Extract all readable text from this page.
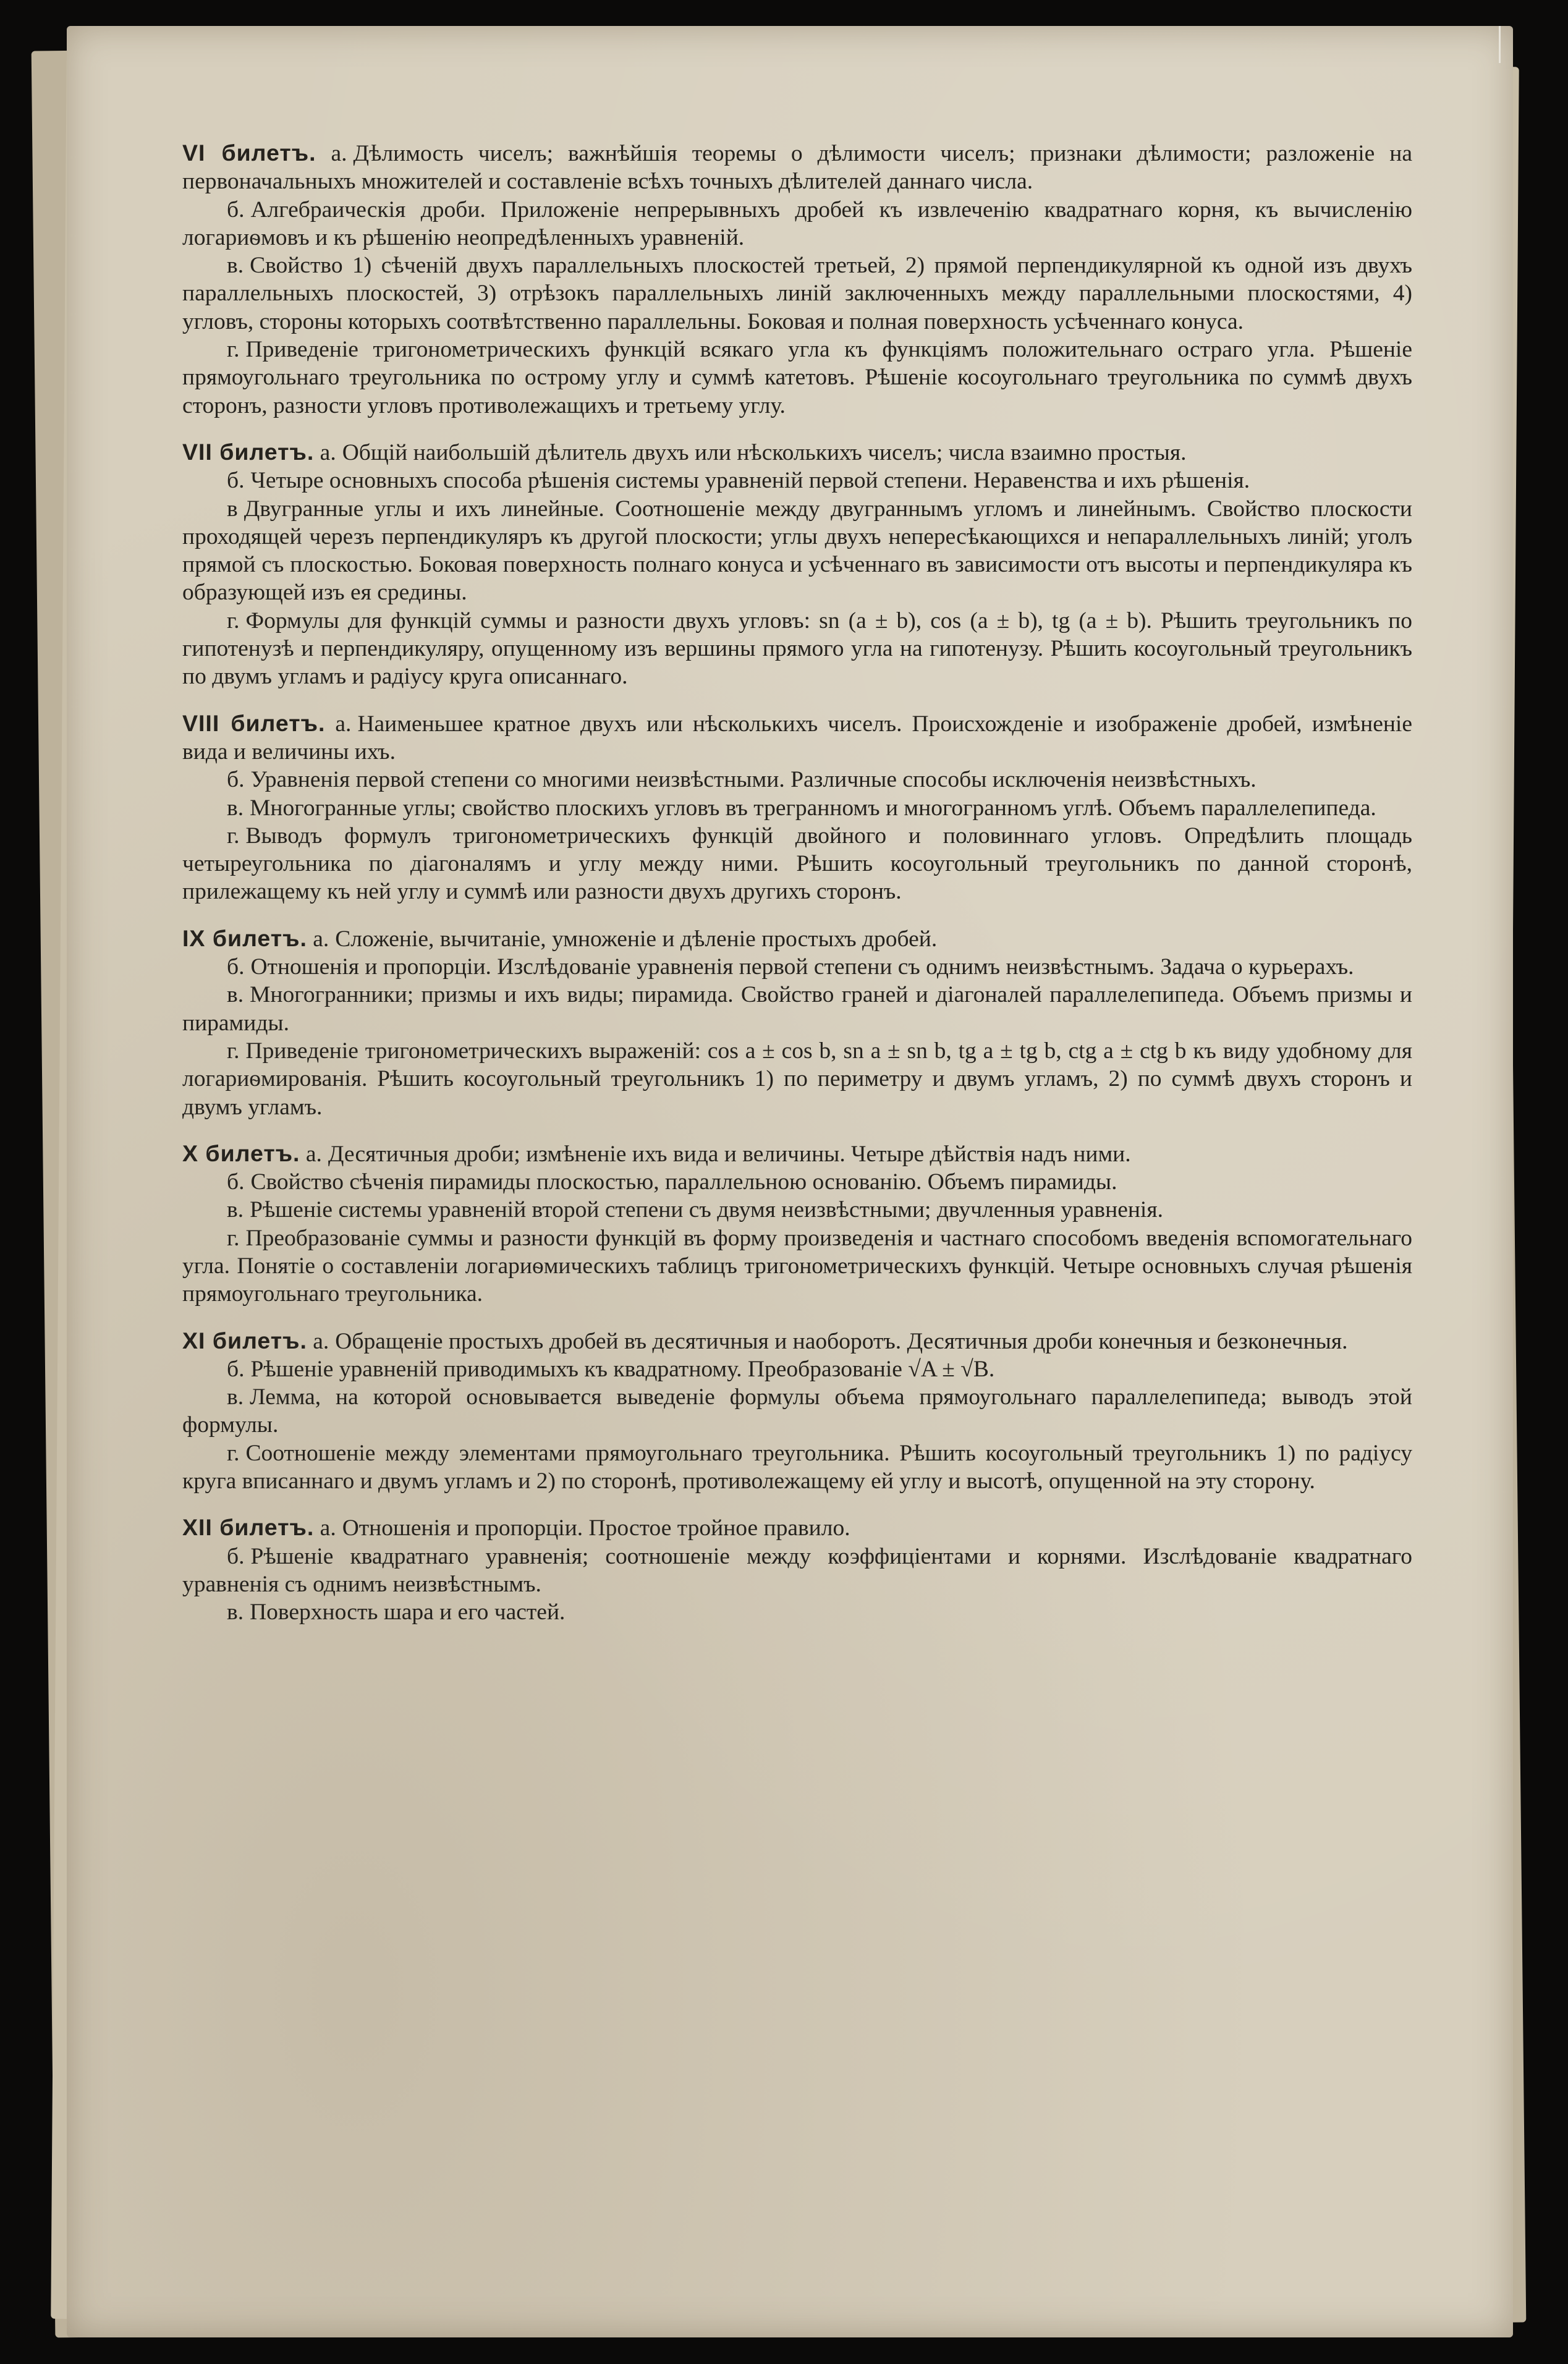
VI билетъ. а. Дѣлимость чиселъ; важнѣйшія теоремы о дѣлимости чиселъ; признаки дѣлимости; разложеніе на первоначальныхъ множителей и составленіе всѣхъ точныхъ дѣлителей даннаго числа.

б. Алгебраическія дроби. Приложеніе непрерывныхъ дробей къ извлеченію квадратнаго корня, къ вычисленію логариѳмовъ и къ рѣшенію неопредѣленныхъ уравненій.

в. Свойство 1) сѣченій двухъ параллельныхъ плоскостей третьей, 2) прямой перпендикулярной къ одной изъ двухъ параллельныхъ плоскостей, 3) отрѣзокъ параллельныхъ линій заключенныхъ между параллельными плоскостями, 4) угловъ, стороны которыхъ соотвѣтственно параллельны. Боковая и полная поверхность усѣченнаго конуса.

г. Приведеніе тригонометрическихъ функцій всякаго угла къ функціямъ положительнаго остраго угла. Рѣшеніе прямоугольнаго треугольника по острому углу и суммѣ катетовъ. Рѣшеніе косоугольнаго треугольника по суммѣ двухъ сторонъ, разности угловъ противолежащихъ и третьему углу.

VII билетъ. а. Общій наибольшій дѣлитель двухъ или нѣсколькихъ чиселъ; числа взаимно простыя.

б. Четыре основныхъ способа рѣшенія системы уравненій первой степени. Неравенства и ихъ рѣшенія.

в Двугранные углы и ихъ линейные. Соотношеніе между двуграннымъ угломъ и линейнымъ. Свойство плоскости проходящей черезъ перпендикуляръ къ другой плоскости; углы двухъ непересѣкающихся и непараллельныхъ линій; уголъ прямой съ плоскостью. Боковая поверхность полнаго конуса и усѣченнаго въ зависимости отъ высоты и перпендикуляра къ образующей изъ ея средины.

г. Формулы для функцій суммы и разности двухъ угловъ: sn (a ± b), cos (a ± b), tg (a ± b). Рѣшить треугольникъ по гипотенузѣ и перпендикуляру, опущенному изъ вершины прямого угла на гипотенузу. Рѣшить косоугольный треугольникъ по двумъ угламъ и радіусу круга описаннаго.

VIII билетъ. а. Наименьшее кратное двухъ или нѣсколькихъ чиселъ. Происхожденіе и изображеніе дробей, измѣненіе вида и величины ихъ.

б. Уравненія первой степени со многими неизвѣстными. Различные способы исключенія неизвѣстныхъ.

в. Многогранные углы; свойство плоскихъ угловъ въ трегранномъ и многогранномъ углѣ. Объемъ параллелепипеда.

г. Выводъ формулъ тригонометрическихъ функцій двойного и половиннаго угловъ. Опредѣлить площадь четыреугольника по діагоналямъ и углу между ними. Рѣшить косоугольный треугольникъ по данной сторонѣ, прилежащему къ ней углу и суммѣ или разности двухъ другихъ сторонъ.

IX билетъ. а. Сложеніе, вычитаніе, умноженіе и дѣленіе простыхъ дробей.

б. Отношенія и пропорціи. Изслѣдованіе уравненія первой степени съ однимъ неизвѣстнымъ. Задача о курьерахъ.

в. Многогранники; призмы и ихъ виды; пирамида. Свойство граней и діагоналей параллелепипеда. Объемъ призмы и пирамиды.

г. Приведеніе тригонометрическихъ выраженій: cos a ± cos b, sn a ± sn b, tg a ± tg b, ctg a ± ctg b къ виду удобному для логариѳмированія. Рѣшить косоугольный треугольникъ 1) по периметру и двумъ угламъ, 2) по суммѣ двухъ сторонъ и двумъ угламъ.

X билетъ. а. Десятичныя дроби; измѣненіе ихъ вида и величины. Четыре дѣйствія надъ ними.

б. Свойство сѣченія пирамиды плоскостью, параллельною основанію. Объемъ пирамиды.

в. Рѣшеніе системы уравненій второй степени съ двумя неизвѣстными; двучленныя уравненія.

г. Преобразованіе суммы и разности функцій въ форму произведенія и частнаго способомъ введенія вспомогательнаго угла. Понятіе о составленіи логариѳмическихъ таблицъ тригонометрическихъ функцій. Четыре основныхъ случая рѣшенія прямоугольнаго треугольника.

XI билетъ. а. Обращеніе простыхъ дробей въ десятичныя и наоборотъ. Десятичныя дроби конечныя и безконечныя.

б. Рѣшеніе уравненій приводимыхъ къ квадратному. Преобразованіе √A ± √B.

в. Лемма, на которой основывается выведеніе формулы объема прямоугольнаго параллелепипеда; выводъ этой формулы.

г. Соотношеніе между элементами прямоугольнаго треугольника. Рѣшить косоугольный треугольникъ 1) по радіусу круга вписаннаго и двумъ угламъ и 2) по сторонѣ, противолежащему ей углу и высотѣ, опущенной на эту сторону.

XII билетъ. а. Отношенія и пропорціи. Простое тройное правило.

б. Рѣшеніе квадратнаго уравненія; соотношеніе между коэффиціентами и корнями. Изслѣдованіе квадратнаго уравненія съ однимъ неизвѣстнымъ.

в. Поверхность шара и его частей.
